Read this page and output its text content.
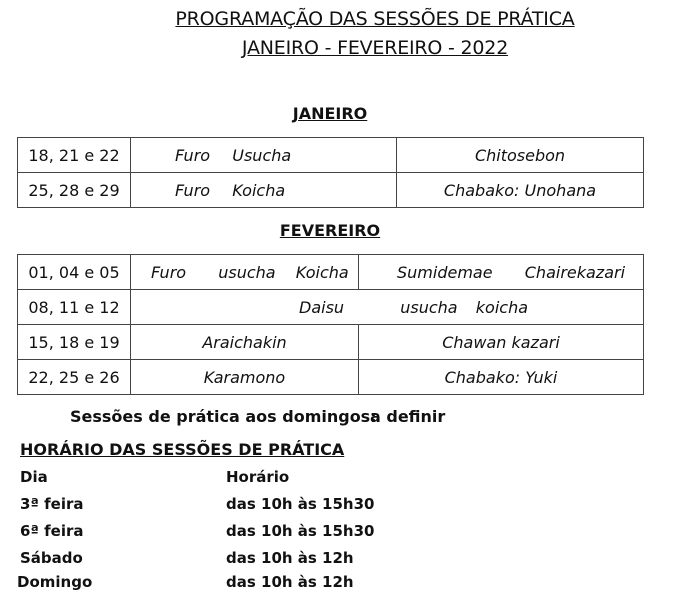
PROGRAMAÇÃO DAS SESSÕES DE PRÁTICA
JANEIRO - FEVEREIRO - 2022
JANEIRO
18, 21 e 22	Furo Usucha	Chitosebon
25, 28 e 29	Furo Koicha	Chabako: Unohana
FEVEREIRO
01, 04 e 05	Furo usucha Koicha	Sumidemae Chairekazari
08, 11 e 12	Daisu usucha koicha	
15, 18 e 19	Araichakin	Chawan kazari
22, 25 e 26	Karamono	Chabako: Yuki
Sessões de prática aos domingos:
a definir
HORÁRIO DAS SESSÕES DE PRÁTICA
Dia	Horário
3ª feira	das 10h às 15h30
6ª feira	das 10h às 15h30
Sábado	das 10h às 12h
Domingo	das 10h às 12h
